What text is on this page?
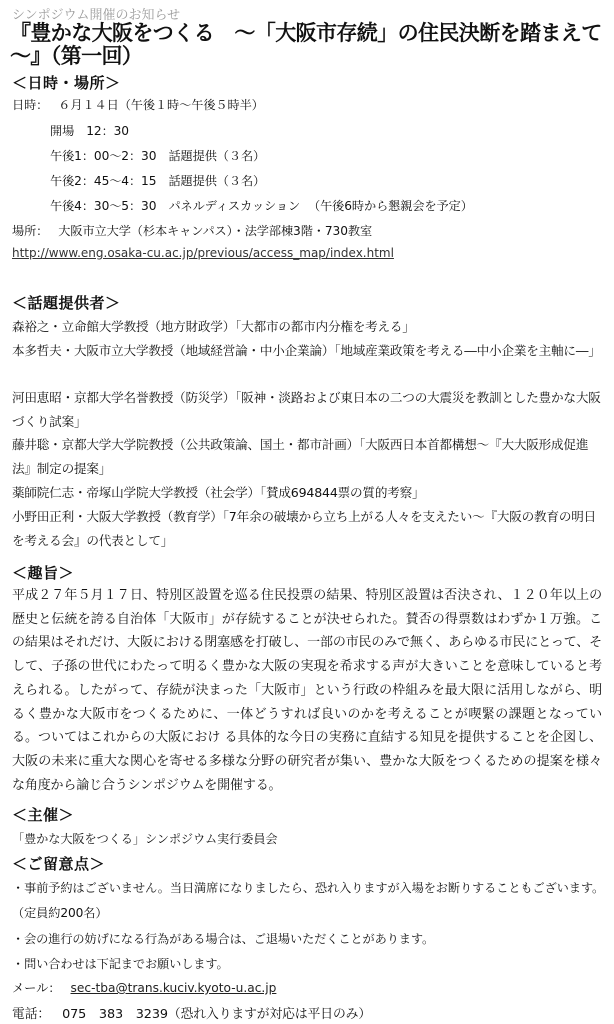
シンポジウム開催のお知らせ
『豊かな大阪をつくる　～「大阪市存続」の住民決断を踏まえて～』（第一回）
＜日時・場所＞
日時： ６月１４日（午後１時～午後５時半）
開場　12：30
午後1：00～2：30　話題提供（３名）
午後2：45～4：15　話題提供（３名）
午後4：30～5：30　パネルディスカッション （午後6時から懇親会を予定）
場所： 大阪市立大学（杉本キャンパス）・法学部棟3階・730教室
http://www.eng.osaka-cu.ac.jp/previous/access_map/index.html
＜話題提供者＞
森裕之・立命館大学教授（地方財政学）「大都市の都市内分権を考える」
本多哲夫・大阪市立大学教授（地域経営論・中小企業論）「地域産業政策を考える―中小企業を主軸に―」
河田恵昭・京都大学名誉教授（防災学）「阪神・淡路および東日本の二つの大震災を教訓とした豊かな大阪づくり試案」
藤井聡・京都大学大学院教授（公共政策論、国土・都市計画）「大阪西日本首都構想～『大大阪形成促進法』制定の提案」
薬師院仁志・帝塚山学院大学教授（社会学）「賛成694844票の質的考察」
小野田正利・大阪大学教授（教育学）「7年余の破壊から立ち上がる人々を支えたい～『大阪の教育の明日を考える会』の代表として」
＜趣旨＞
平成２７年５月１７日、特別区設置を巡る住民投票の結果、特別区設置は否決され、１２０年以上の歴史と伝統を誇る自治体「大阪市」が存続することが決せられた。賛否の得票数はわずか１万強。この結果はそれだけ、大阪における閉塞感を打破し、一部の市民のみで無く、あらゆる市民にとって、そして、子孫の世代にわたって明るく豊かな大阪の実現を希求する声が大きいことを意味していると考えられる。したがって、存続が決まった「大阪市」という行政の枠組みを最大限に活用しながら、明るく豊かな大阪市をつくるために、一体どうすれば良いのかを考えることが喫緊の課題となっている。ついてはこれからの大阪におけ る具体的な今日の実務に直結する知見を提供することを企図し、大阪の未来に重大な関心を寄せる多様な分野の研究者が集い、豊かな大阪をつくるための提案を様々な角度から論じ合うシンポジウムを開催する。
＜主催＞
「豊かな大阪をつくる」シンポジウム実行委員会
＜ご留意点＞
・事前予約はございません。当日満席になりましたら、恐れ入りますが入場をお断りすることもございます。
（定員約200名）
・会の進行の妨げになる行為がある場合は、ご退場いただくことがあります。
・問い合わせは下記までお願いします。
メール： sec-tba@trans.kuciv.kyoto-u.ac.jp
電話： 075　383　3239（恐れ入りますが対応は平日のみ）
